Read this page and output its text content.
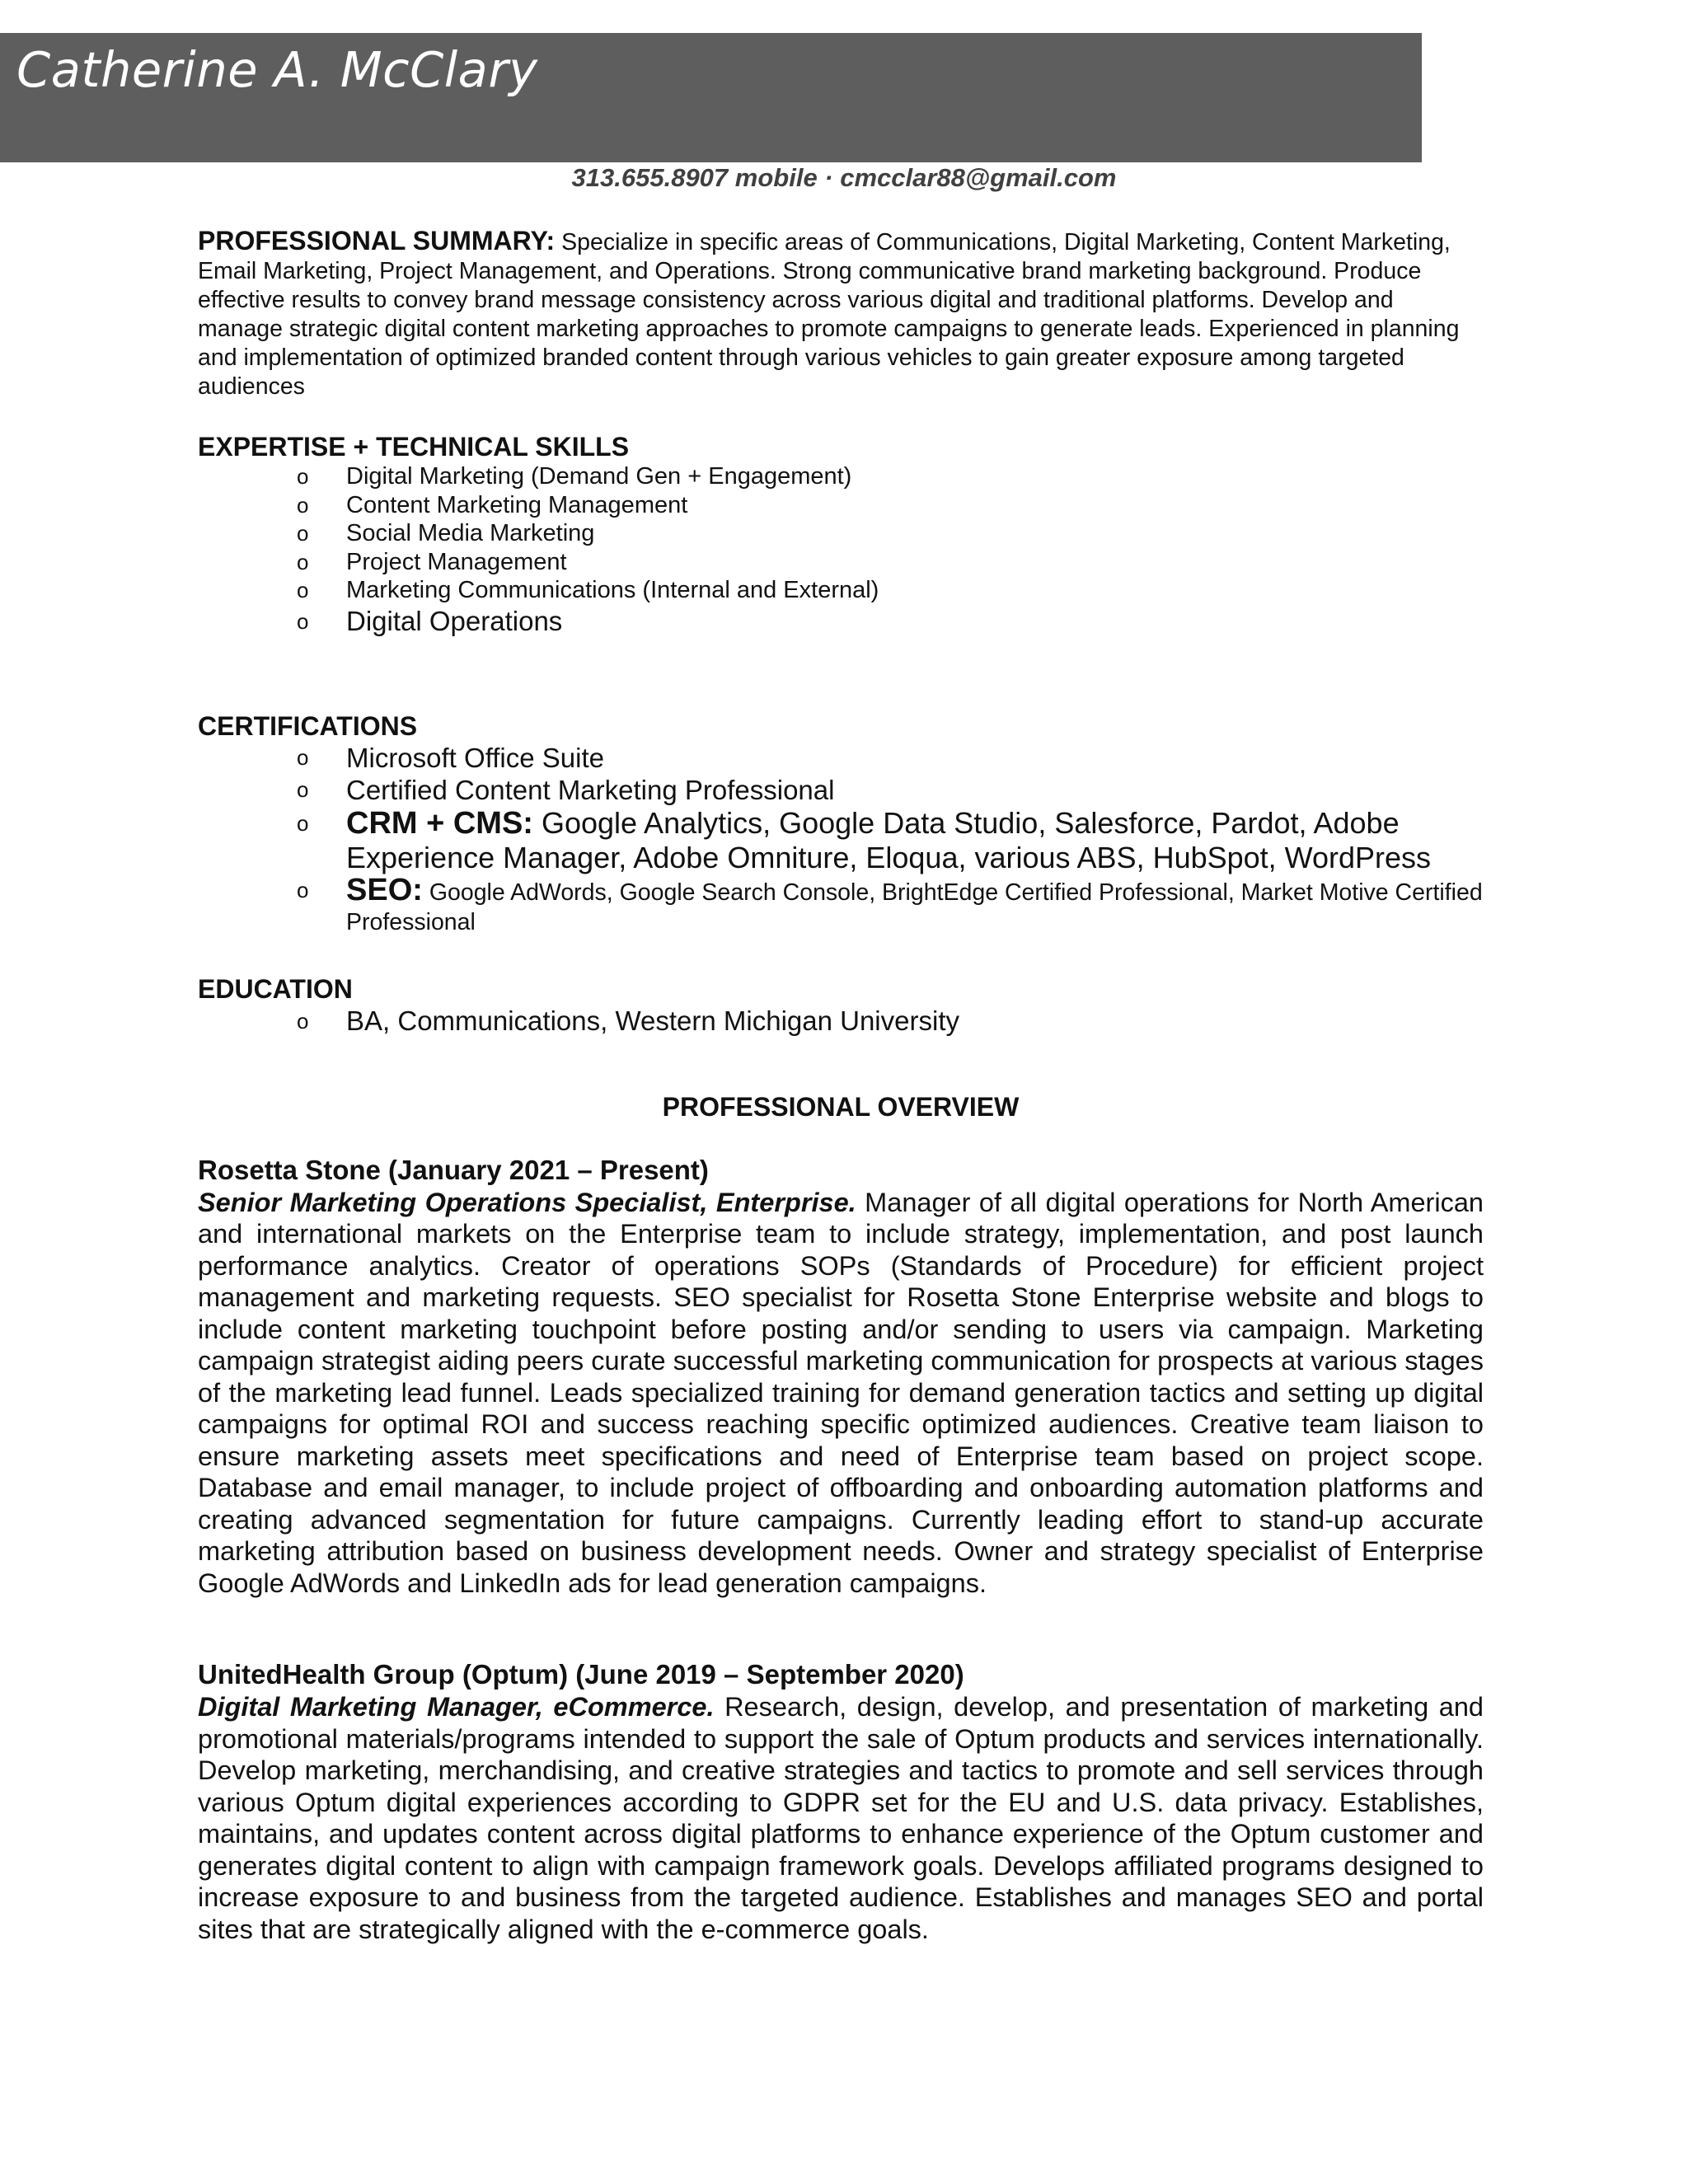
Catherine A. McClary
313.655.8907 mobile · cmcclar88@gmail.com

PROFESSIONAL SUMMARY: Specialize in specific areas of Communications, Digital Marketing, Content Marketing, Email Marketing, Project Management, and Operations. Strong communicative brand marketing background. Produce effective results to convey brand message consistency across various digital and traditional platforms. Develop and manage strategic digital content marketing approaches to promote campaigns to generate leads. Experienced in planning and implementation of optimized branded content through various vehicles to gain greater exposure among targeted audiences

EXPERTISE + TECHNICAL SKILLS
o Digital Marketing (Demand Gen + Engagement)
o Content Marketing Management
o Social Media Marketing
o Project Management
o Marketing Communications (Internal and External)
o Digital Operations
CERTIFICATIONS
o Microsoft Office Suite
o Certified Content Marketing Professional
o CRM + CMS: Google Analytics, Google Data Studio, Salesforce, Pardot, Adobe Experience Manager, Adobe Omniture, Eloqua, various ABS, HubSpot, WordPress
o SEO: Google AdWords, Google Search Console, BrightEdge Certified Professional, Market Motive Certified Professional
EDUCATION
o BA, Communications, Western Michigan University
PROFESSIONAL OVERVIEW
Rosetta Stone (January 2021 – Present)

Senior Marketing Operations Specialist, Enterprise. Manager of all digital operations for North American and international markets on the Enterprise team to include strategy, implementation, and post launch performance analytics. Creator of operations SOPs (Standards of Procedure) for efficient project management and marketing requests. SEO specialist for Rosetta Stone Enterprise website and blogs to include content marketing touchpoint before posting and/or sending to users via campaign. Marketing campaign strategist aiding peers curate successful marketing communication for prospects at various stages of the marketing lead funnel. Leads specialized training for demand generation tactics and setting up digital campaigns for optimal ROI and success reaching specific optimized audiences. Creative team liaison to ensure marketing assets meet specifications and need of Enterprise team based on project scope. Database and email manager, to include project of offboarding and onboarding automation platforms and creating advanced segmentation for future campaigns. Currently leading effort to stand-up accurate marketing attribution based on business development needs. Owner and strategy specialist of Enterprise Google AdWords and LinkedIn ads for lead generation campaigns.

UnitedHealth Group (Optum) (June 2019 – September 2020)

Digital Marketing Manager, eCommerce. Research, design, develop, and presentation of marketing and promotional materials/programs intended to support the sale of Optum products and services internationally. Develop marketing, merchandising, and creative strategies and tactics to promote and sell services through various Optum digital experiences according to GDPR set for the EU and U.S. data privacy. Establishes, maintains, and updates content across digital platforms to enhance experience of the Optum customer and generates digital content to align with campaign framework goals. Develops affiliated programs designed to increase exposure to and business from the targeted audience. Establishes and manages SEO and portal sites that are strategically aligned with the e-commerce goals.
